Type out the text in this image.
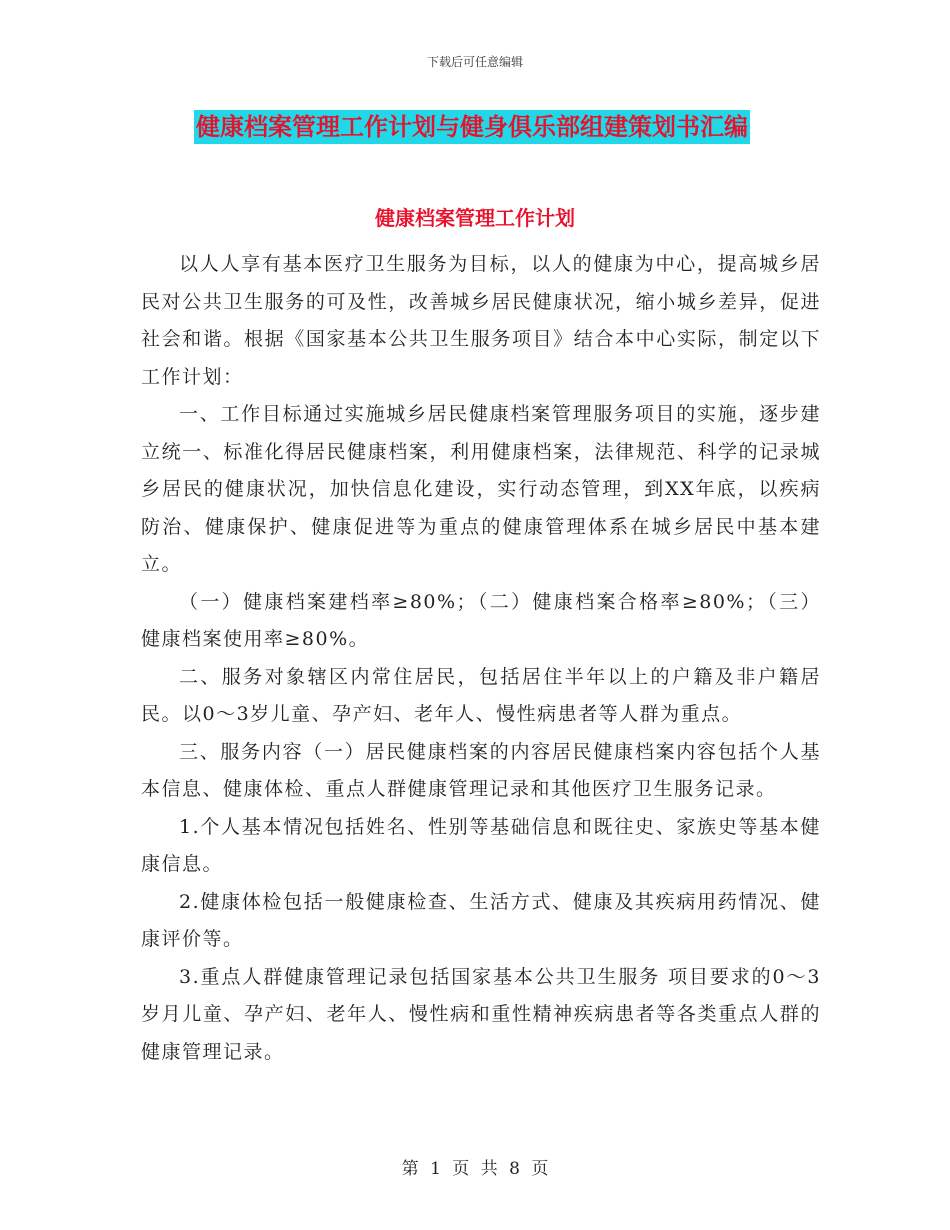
下载后可任意编辑
健康档案管理工作计划与健身俱乐部组建策划书汇编
健康档案管理工作计划

以人人享有基本医疗卫生服务为目标，以人的健康为中心，提高城乡居民对公共卫生服务的可及性，改善城乡居民健康状况，缩小城乡差异，促进社会和谐。根据《国家基本公共卫生服务项目》结合本中心实际，制定以下工作计划：

一、工作目标通过实施城乡居民健康档案管理服务项目的实施，逐步建立统一、标准化得居民健康档案，利用健康档案，法律规范、科学的记录城乡居民的健康状况，加快信息化建设，实行动态管理，到XX年底，以疾病防治、健康保护、健康促进等为重点的健康管理体系在城乡居民中基本建立。

（一）健康档案建档率≥80%；（二）健康档案合格率≥80%；（三）健康档案使用率≥80%。

二、服务对象辖区内常住居民，包括居住半年以上的户籍及非户籍居民。以0～3岁儿童、孕产妇、老年人、慢性病患者等人群为重点。

三、服务内容（一）居民健康档案的内容居民健康档案内容包括个人基本信息、健康体检、重点人群健康管理记录和其他医疗卫生服务记录。

1.个人基本情况包括姓名、性别等基础信息和既往史、家族史等基本健康信息。

2.健康体检包括一般健康检查、生活方式、健康及其疾病用药情况、健康评价等。

3.重点人群健康管理记录包括国家基本公共卫生服务 项目要求的0～3岁月儿童、孕产妇、老年人、慢性病和重性精神疾病患者等各类重点人群的健康管理记录。

第 1 页 共 8 页
